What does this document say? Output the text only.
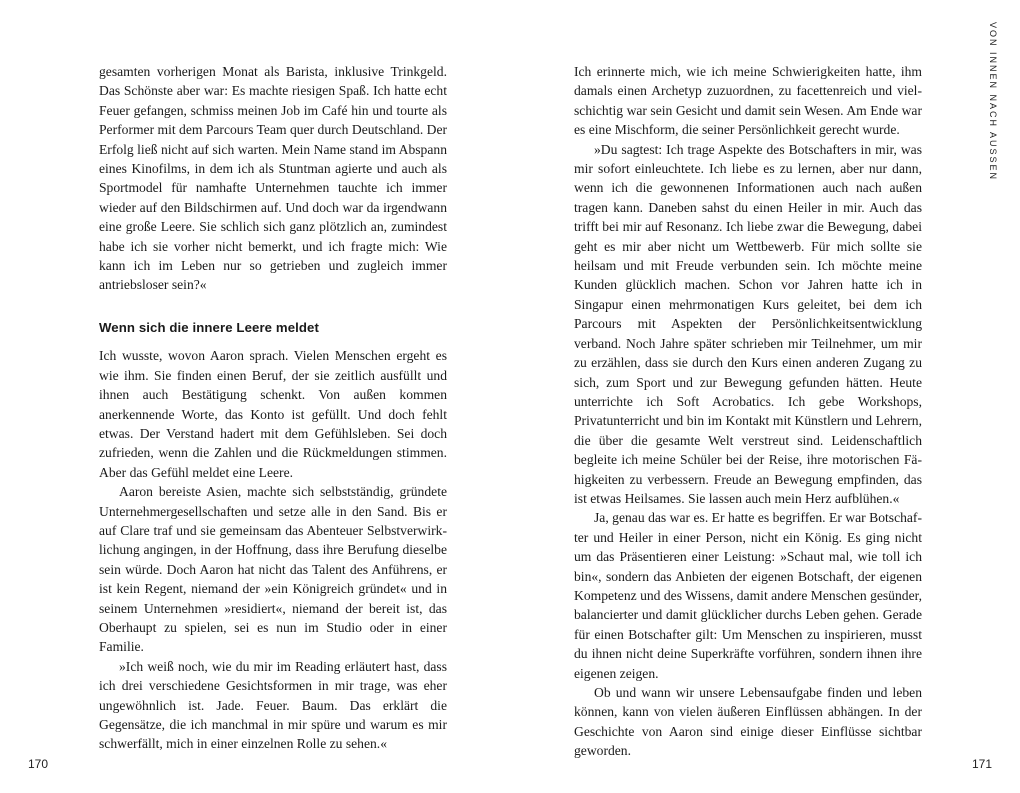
gesamten vorherigen Monat als Barista, inklusive Trinkgeld. Das Schönste aber war: Es machte riesigen Spaß. Ich hatte echt Feuer gefangen, schmiss meinen Job im Café hin und tourte als Performer mit dem Parcours Team quer durch Deutschland. Der Erfolg ließ nicht auf sich warten. Mein Name stand im Abspann eines Kinofilms, in dem ich als Stuntman agierte und auch als Sportmodel für namhafte Unternehmen tauchte ich immer wieder auf den Bildschirmen auf. Und doch war da irgendwann eine große Leere. Sie schlich sich ganz plötzlich an, zumindest habe ich sie vorher nicht bemerkt, und ich fragte mich: Wie kann ich im Leben nur so getrieben und zugleich immer antriebsloser sein?«

Wenn sich die innere Leere meldet

Ich wusste, wovon Aaron sprach. Vielen Menschen ergeht es wie ihm. Sie finden einen Beruf, der sie zeitlich ausfüllt und ihnen auch Bestätigung schenkt. Von außen kommen anerkennende Worte, das Konto ist gefüllt. Und doch fehlt etwas. Der Verstand hadert mit dem Gefühlsleben. Sei doch zufrieden, wenn die Zahlen und die Rückmeldungen stimmen. Aber das Gefühl meldet eine Leere.

Aaron bereiste Asien, machte sich selbstständig, gründete Unternehmergesellschaften und setze alle in den Sand. Bis er auf Clare traf und sie gemeinsam das Abenteuer Selbstverwirklichung angingen, in der Hoffnung, dass ihre Berufung dieselbe sein würde. Doch Aaron hat nicht das Talent des Anführens, er ist kein Regent, niemand der »ein Königreich gründet« und in seinem Unternehmen »residiert«, niemand der bereit ist, das Oberhaupt zu spielen, sei es nun im Studio oder in einer Familie.

»Ich weiß noch, wie du mir im Reading erläutert hast, dass ich drei verschiedene Gesichtsformen in mir trage, was eher ungewöhnlich ist. Jade. Feuer. Baum. Das erklärt die Gegensätze, die ich manchmal in mir spüre und warum es mir schwerfällt, mich in einer einzelnen Rolle zu sehen.«

170
VON INNEN NACH AUSSEN

Ich erinnerte mich, wie ich meine Schwierigkeiten hatte, ihm damals einen Archetyp zuzuordnen, zu facettenreich und vielschichtig war sein Gesicht und damit sein Wesen. Am Ende war es eine Mischform, die seiner Persönlichkeit gerecht wurde.

»Du sagtest: Ich trage Aspekte des Botschafters in mir, was mir sofort einleuchtete. Ich liebe es zu lernen, aber nur dann, wenn ich die gewonnenen Informationen auch nach außen tragen kann. Daneben sahst du einen Heiler in mir. Auch das trifft bei mir auf Resonanz. Ich liebe zwar die Bewegung, dabei geht es mir aber nicht um Wettbewerb. Für mich sollte sie heilsam und mit Freude verbunden sein. Ich möchte meine Kunden glücklich machen. Schon vor Jahren hatte ich in Singapur einen mehrmonatigen Kurs geleitet, bei dem ich Parcours mit Aspekten der Persönlichkeitsentwicklung verband. Noch Jahre später schrieben mir Teilnehmer, um mir zu erzählen, dass sie durch den Kurs einen anderen Zugang zu sich, zum Sport und zur Bewegung gefunden hätten. Heute unterrichte ich Soft Acrobatics. Ich gebe Workshops, Privatunterricht und bin im Kontakt mit Künstlern und Lehrern, die über die gesamte Welt verstreut sind. Leidenschaftlich begleite ich meine Schüler bei der Reise, ihre motorischen Fähigkeiten zu verbessern. Freude an Bewegung empfinden, das ist etwas Heilsames. Sie lassen auch mein Herz aufblühen.«

Ja, genau das war es. Er hatte es begriffen. Er war Botschafter und Heiler in einer Person, nicht ein König. Es ging nicht um das Präsentieren einer Leistung: »Schaut mal, wie toll ich bin«, sondern das Anbieten der eigenen Botschaft, der eigenen Kompetenz und des Wissens, damit andere Menschen gesünder, balancierter und damit glücklicher durchs Leben gehen. Gerade für einen Botschafter gilt: Um Menschen zu inspirieren, musst du ihnen nicht deine Superkräfte vorführen, sondern ihnen ihre eigenen zeigen.

Ob und wann wir unsere Lebensaufgabe finden und leben können, kann von vielen äußeren Einflüssen abhängen. In der Geschichte von Aaron sind einige dieser Einflüsse sichtbar geworden.

171
